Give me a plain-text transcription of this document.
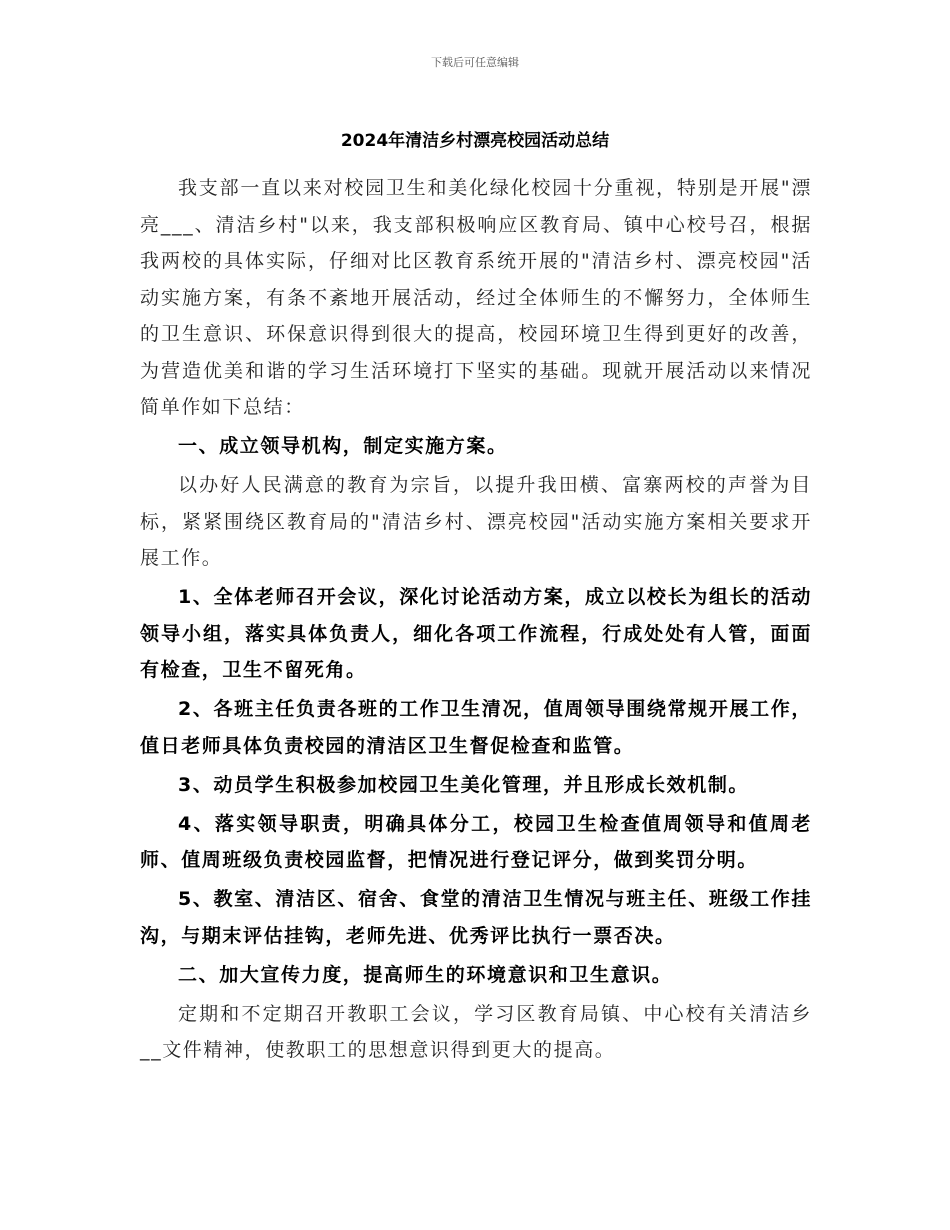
下载后可任意编辑
2024年清洁乡村漂亮校园活动总结

我支部一直以来对校园卫生和美化绿化校园十分重视，特别是开展"漂亮___、清洁乡村"以来，我支部积极响应区教育局、镇中心校号召，根据我两校的具体实际，仔细对比区教育系统开展的"清洁乡村、漂亮校园"活动实施方案，有条不紊地开展活动，经过全体师生的不懈努力，全体师生的卫生意识、环保意识得到很大的提高，校园环境卫生得到更好的改善，为营造优美和谐的学习生活环境打下坚实的基础。现就开展活动以来情况简单作如下总结：

一、成立领导机构，制定实施方案。

以办好人民满意的教育为宗旨，以提升我田横、富寨两校的声誉为目标，紧紧围绕区教育局的"清洁乡村、漂亮校园"活动实施方案相关要求开展工作。

1、全体老师召开会议，深化讨论活动方案，成立以校长为组长的活动领导小组，落实具体负责人，细化各项工作流程，行成处处有人管，面面有检查，卫生不留死角。

2、各班主任负责各班的工作卫生清况，值周领导围绕常规开展工作，值日老师具体负责校园的清洁区卫生督促检查和监管。

3、动员学生积极参加校园卫生美化管理，并且形成长效机制。

4、落实领导职责，明确具体分工，校园卫生检查值周领导和值周老师、值周班级负责校园监督，把情况进行登记评分，做到奖罚分明。

5、教室、清洁区、宿舍、食堂的清洁卫生情况与班主任、班级工作挂沟，与期末评估挂钩，老师先进、优秀评比执行一票否决。

二、加大宣传力度，提高师生的环境意识和卫生意识。

定期和不定期召开教职工会议，学习区教育局镇、中心校有关清洁乡__文件精神，使教职工的思想意识得到更大的提高。
